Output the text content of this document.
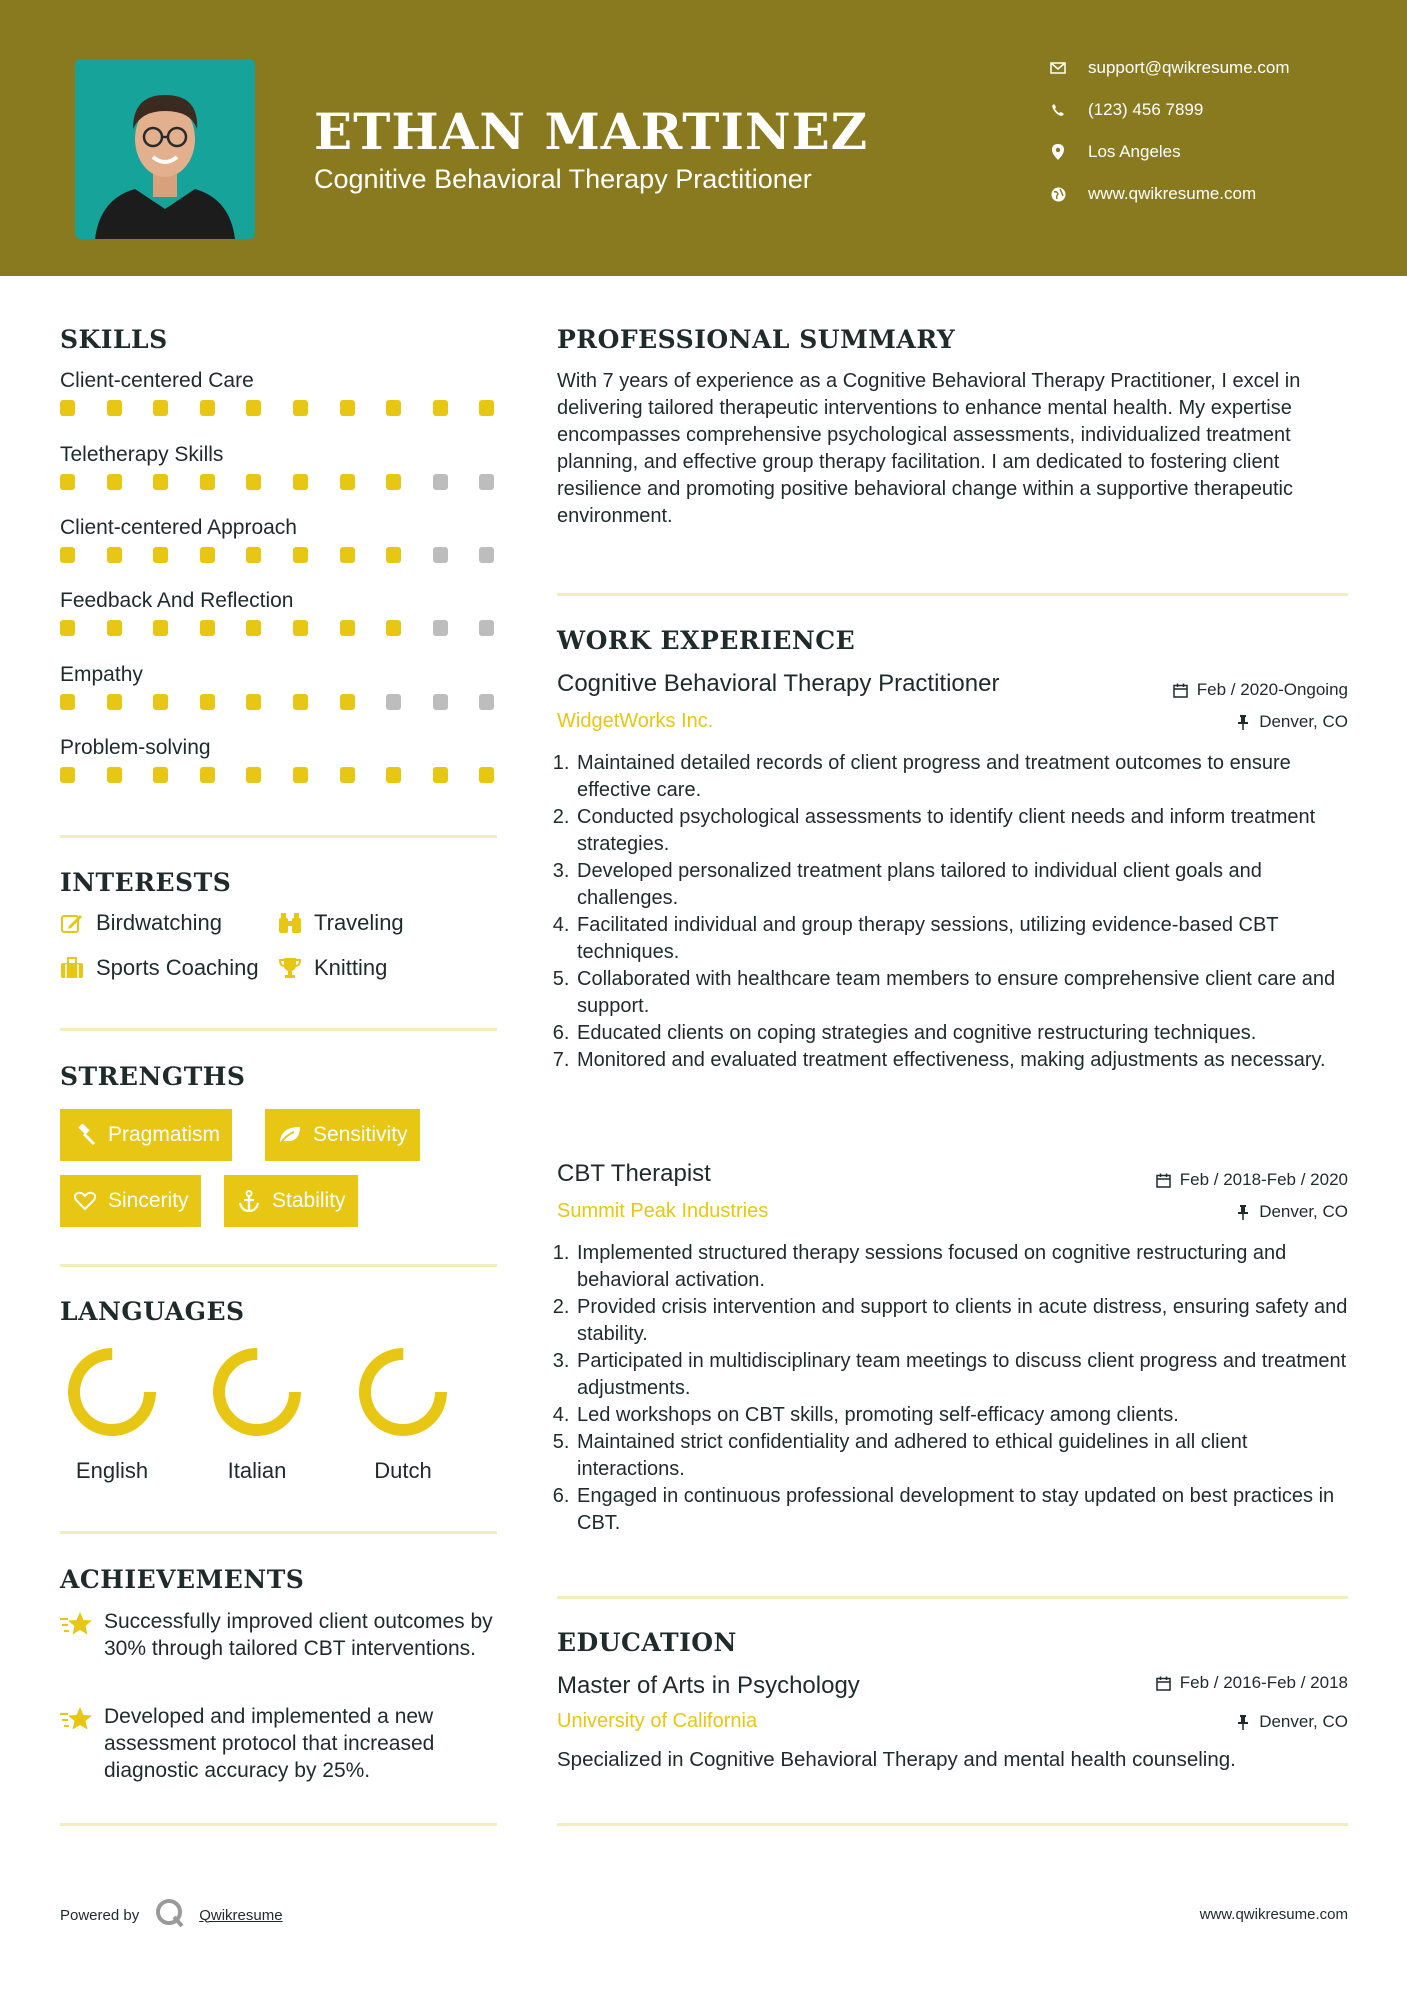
ETHAN MARTINEZ
Cognitive Behavioral Therapy Practitioner
support@qwikresume.com
(123) 456 7899
Los Angeles
www.qwikresume.com
SKILLS
Client-centered Care
Teletherapy Skills
Client-centered Approach
Feedback And Reflection
Empathy
Problem-solving
INTERESTS
Birdwatching	Traveling
Sports Coaching	Knitting
STRENGTHS
Pragmatism	Sensitivity
Sincerity	Stability
LANGUAGES
English	Italian	Dutch
ACHIEVEMENTS
Successfully improved client outcomes by 30% through tailored CBT interventions.
Developed and implemented a new assessment protocol that increased diagnostic accuracy by 25%.
PROFESSIONAL SUMMARY
With 7 years of experience as a Cognitive Behavioral Therapy Practitioner, I excel in delivering tailored therapeutic interventions to enhance mental health. My expertise encompasses comprehensive psychological assessments, individualized treatment planning, and effective group therapy facilitation. I am dedicated to fostering client resilience and promoting positive behavioral change within a supportive therapeutic environment.
WORK EXPERIENCE
Cognitive Behavioral Therapy Practitioner	Feb / 2020-Ongoing
WidgetWorks Inc.	Denver, CO
1. Maintained detailed records of client progress and treatment outcomes to ensure effective care.
2. Conducted psychological assessments to identify client needs and inform treatment strategies.
3. Developed personalized treatment plans tailored to individual client goals and challenges.
4. Facilitated individual and group therapy sessions, utilizing evidence-based CBT techniques.
5. Collaborated with healthcare team members to ensure comprehensive client care and support.
6. Educated clients on coping strategies and cognitive restructuring techniques.
7. Monitored and evaluated treatment effectiveness, making adjustments as necessary.
CBT Therapist	Feb / 2018-Feb / 2020
Summit Peak Industries	Denver, CO
1. Implemented structured therapy sessions focused on cognitive restructuring and behavioral activation.
2. Provided crisis intervention and support to clients in acute distress, ensuring safety and stability.
3. Participated in multidisciplinary team meetings to discuss client progress and treatment adjustments.
4. Led workshops on CBT skills, promoting self-efficacy among clients.
5. Maintained strict confidentiality and adhered to ethical guidelines in all client interactions.
6. Engaged in continuous professional development to stay updated on best practices in CBT.
EDUCATION
Master of Arts in Psychology	Feb / 2016-Feb / 2018
University of California	Denver, CO
Specialized in Cognitive Behavioral Therapy and mental health counseling.
Powered by	Qwikresume	www.qwikresume.com
